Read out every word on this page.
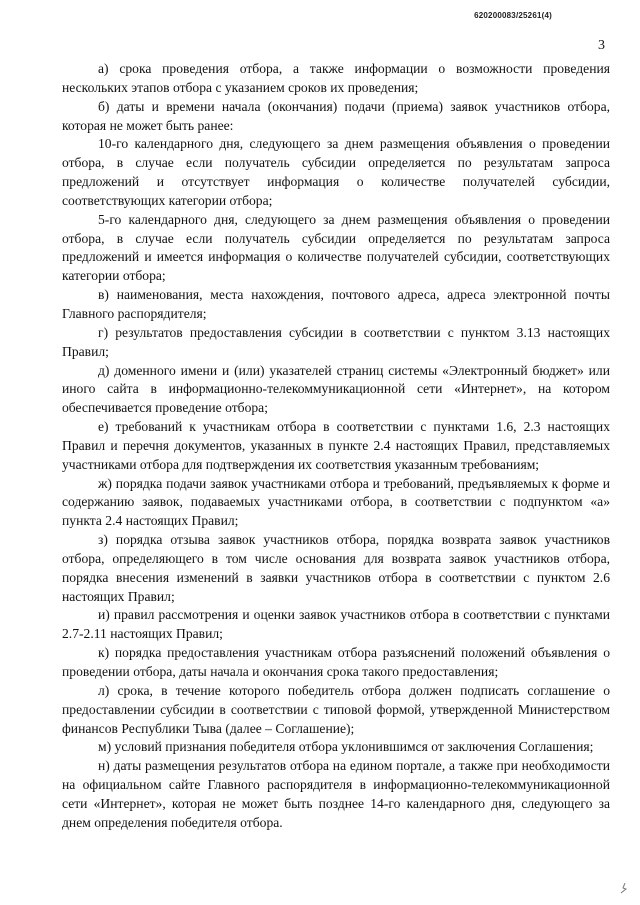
620200083/25261(4)
3

а) срока проведения отбора, а также информации о возможности проведения нескольких этапов отбора с указанием сроков их проведения;

б) даты и времени начала (окончания) подачи (приема) заявок участников отбора, которая не может быть ранее:

10-го календарного дня, следующего за днем размещения объявления о проведении отбора, в случае если получатель субсидии определяется по результатам запроса предложений и отсутствует информация о количестве получателей субсидии, соответствующих категории отбора;

5-го календарного дня, следующего за днем размещения объявления о проведении отбора, в случае если получатель субсидии определяется по результатам запроса предложений и имеется информация о количестве получателей субсидии, соответствующих категории отбора;

в) наименования, места нахождения, почтового адреса, адреса электронной почты Главного распорядителя;

г) результатов предоставления субсидии в соответствии с пунктом 3.13 настоящих Правил;

д) доменного имени и (или) указателей страниц системы «Электронный бюджет» или иного сайта в информационно-телекоммуникационной сети «Интернет», на котором обеспечивается проведение отбора;

е) требований к участникам отбора в соответствии с пунктами 1.6, 2.3 настоящих Правил и перечня документов, указанных в пункте 2.4 настоящих Правил, представляемых участниками отбора для подтверждения их соответствия указанным требованиям;

ж) порядка подачи заявок участниками отбора и требований, предъявляемых к форме и содержанию заявок, подаваемых участниками отбора, в соответствии с подпунктом «а» пункта 2.4 настоящих Правил;

з) порядка отзыва заявок участников отбора, порядка возврата заявок участников отбора, определяющего в том числе основания для возврата заявок участников отбора, порядка внесения изменений в заявки участников отбора в соответствии с пунктом 2.6 настоящих Правил;

и) правил рассмотрения и оценки заявок участников отбора в соответствии с пунктами 2.7-2.11 настоящих Правил;

к) порядка предоставления участникам отбора разъяснений положений объявления о проведении отбора, даты начала и окончания срока такого предоставления;

л) срока, в течение которого победитель отбора должен подписать соглашение о предоставлении субсидии в соответствии с типовой формой, утвержденной Министерством финансов Республики Тыва (далее – Соглашение);

м) условий признания победителя отбора уклонившимся от заключения Соглашения;

н) даты размещения результатов отбора на едином портале, а также при необходимости на официальном сайте Главного распорядителя в информационно-телекоммуникационной сети «Интернет», которая не может быть позднее 14-го календарного дня, следующего за днем определения победителя отбора.
